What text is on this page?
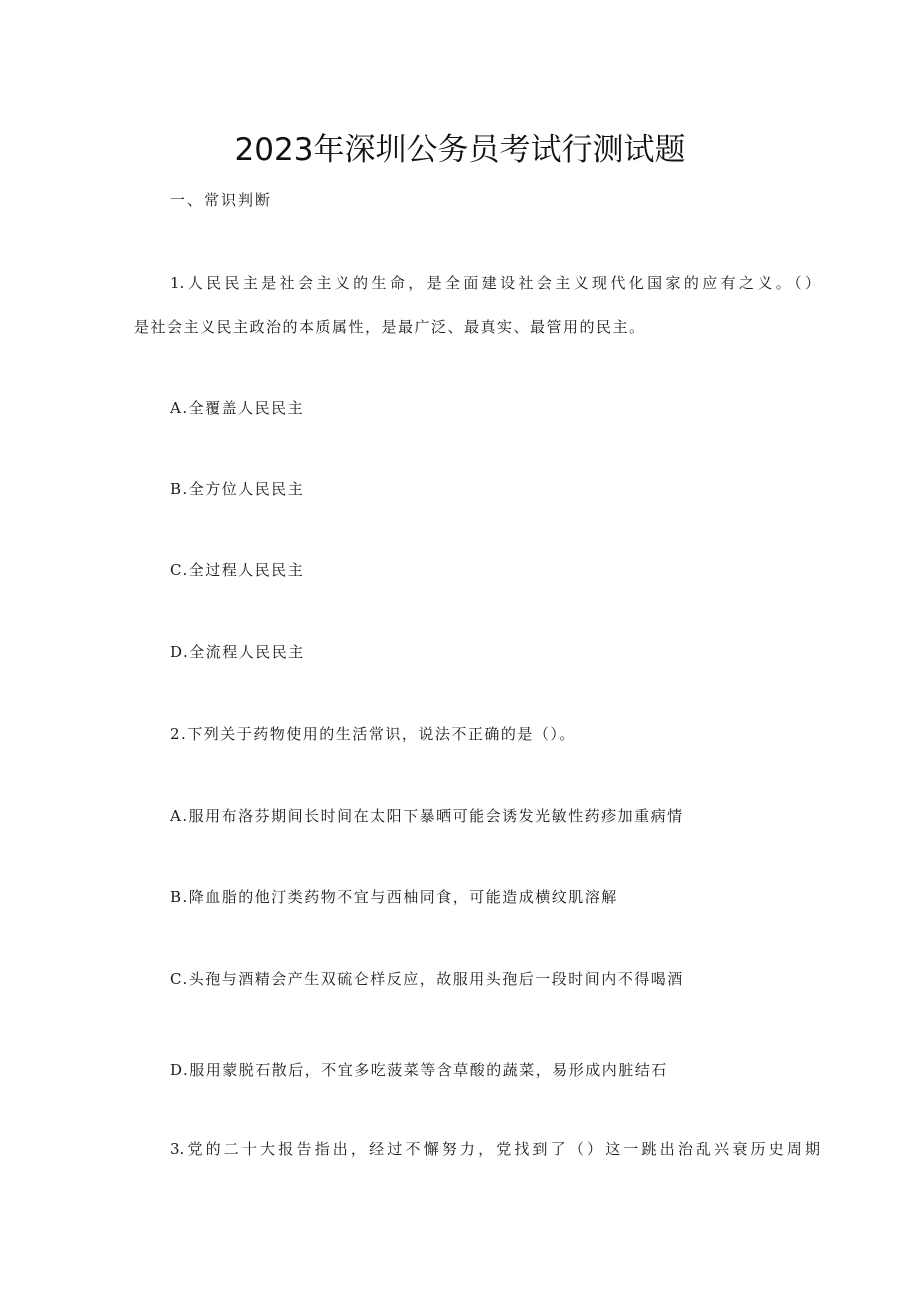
2023年深圳公务员考试行测试题
一、常识判断
1.人民民主是社会主义的生命，是全面建设社会主义现代化国家的应有之义。（）
是社会主义民主政治的本质属性，是最广泛、最真实、最管用的民主。
A.全覆盖人民民主
B.全方位人民民主
C.全过程人民民主
D.全流程人民民主
2.下列关于药物使用的生活常识，说法不正确的是（）。
A.服用布洛芬期间长时间在太阳下暴晒可能会诱发光敏性药疹加重病情
B.降血脂的他汀类药物不宜与西柚同食，可能造成横纹肌溶解
C.头孢与酒精会产生双硫仑样反应，故服用头孢后一段时间内不得喝酒
D.服用蒙脱石散后，不宜多吃菠菜等含草酸的蔬菜，易形成内脏结石
3.党的二十大报告指出，经过不懈努力，党找到了（）这一跳出治乱兴衰历史周期
